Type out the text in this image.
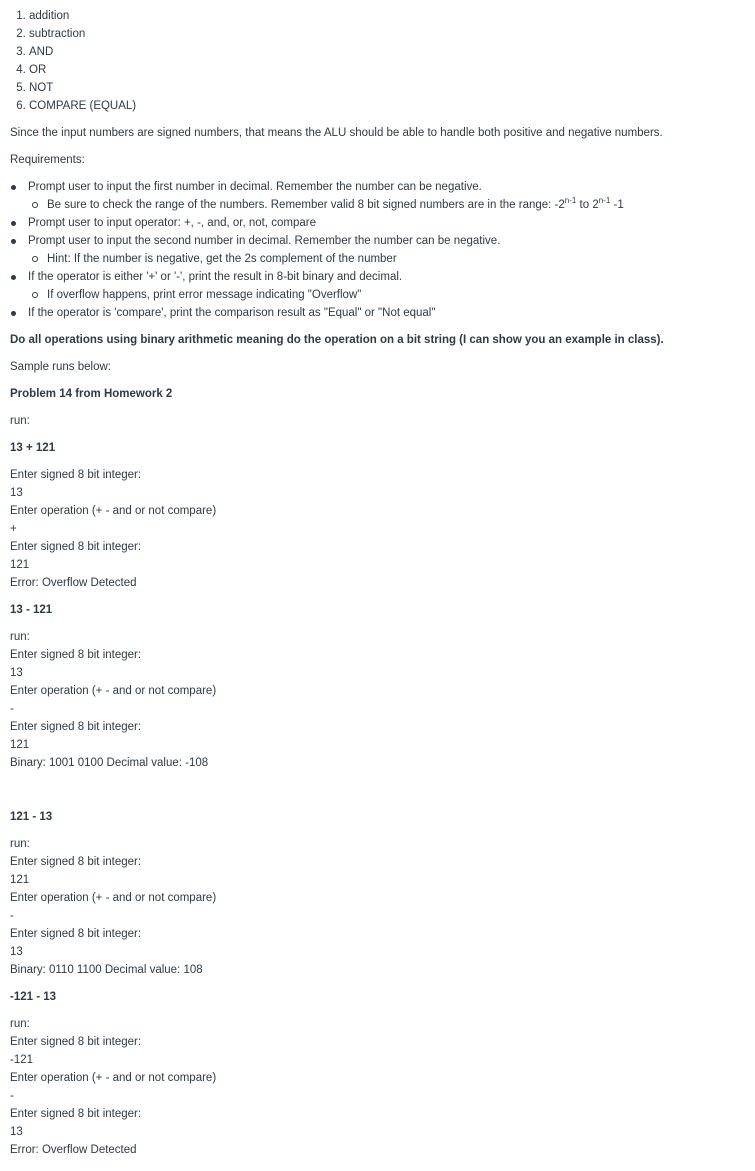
1. addition
2. subtraction
3. AND
4. OR
5. NOT
6. COMPARE (EQUAL)
Since the input numbers are signed numbers, that means the ALU should be able to handle both positive and negative numbers.
Requirements:
Prompt user to input the first number in decimal. Remember the number can be negative.
Be sure to check the range of the numbers. Remember valid 8 bit signed numbers are in the range: -2$^{n-1}$ to 2$^{n-1}$ -1
Prompt user to input operator: +, -, and, or, not, compare
Prompt user to input the second number in decimal. Remember the number can be negative.
Hint: If the number is negative, get the 2s complement of the number
If the operator is either '+' or '-', print the result in 8-bit binary and decimal.
If overflow happens, print error message indicating "Overflow"
If the operator is 'compare', print the comparison result as "Equal" or "Not equal"
Do all operations using binary arithmetic meaning do the operation on a bit string (I can show you an example in class).
Sample runs below:
Problem 14 from Homework 2
run:
13 + 121
Enter signed 8 bit integer:
13
Enter operation (+ - and or not compare)
+
Enter signed 8 bit integer:
121
Error: Overflow Detected
13 - 121
run:
Enter signed 8 bit integer:
13
Enter operation (+ - and or not compare)
-
Enter signed 8 bit integer:
121
Binary: 1001 0100 Decimal value: -108
121 - 13
run:
Enter signed 8 bit integer:
121
Enter operation (+ - and or not compare)
-
Enter signed 8 bit integer:
13
Binary: 0110 1100 Decimal value: 108
-121 - 13
run:
Enter signed 8 bit integer:
-121
Enter operation (+ - and or not compare)
-
Enter signed 8 bit integer:
13
Error: Overflow Detected
